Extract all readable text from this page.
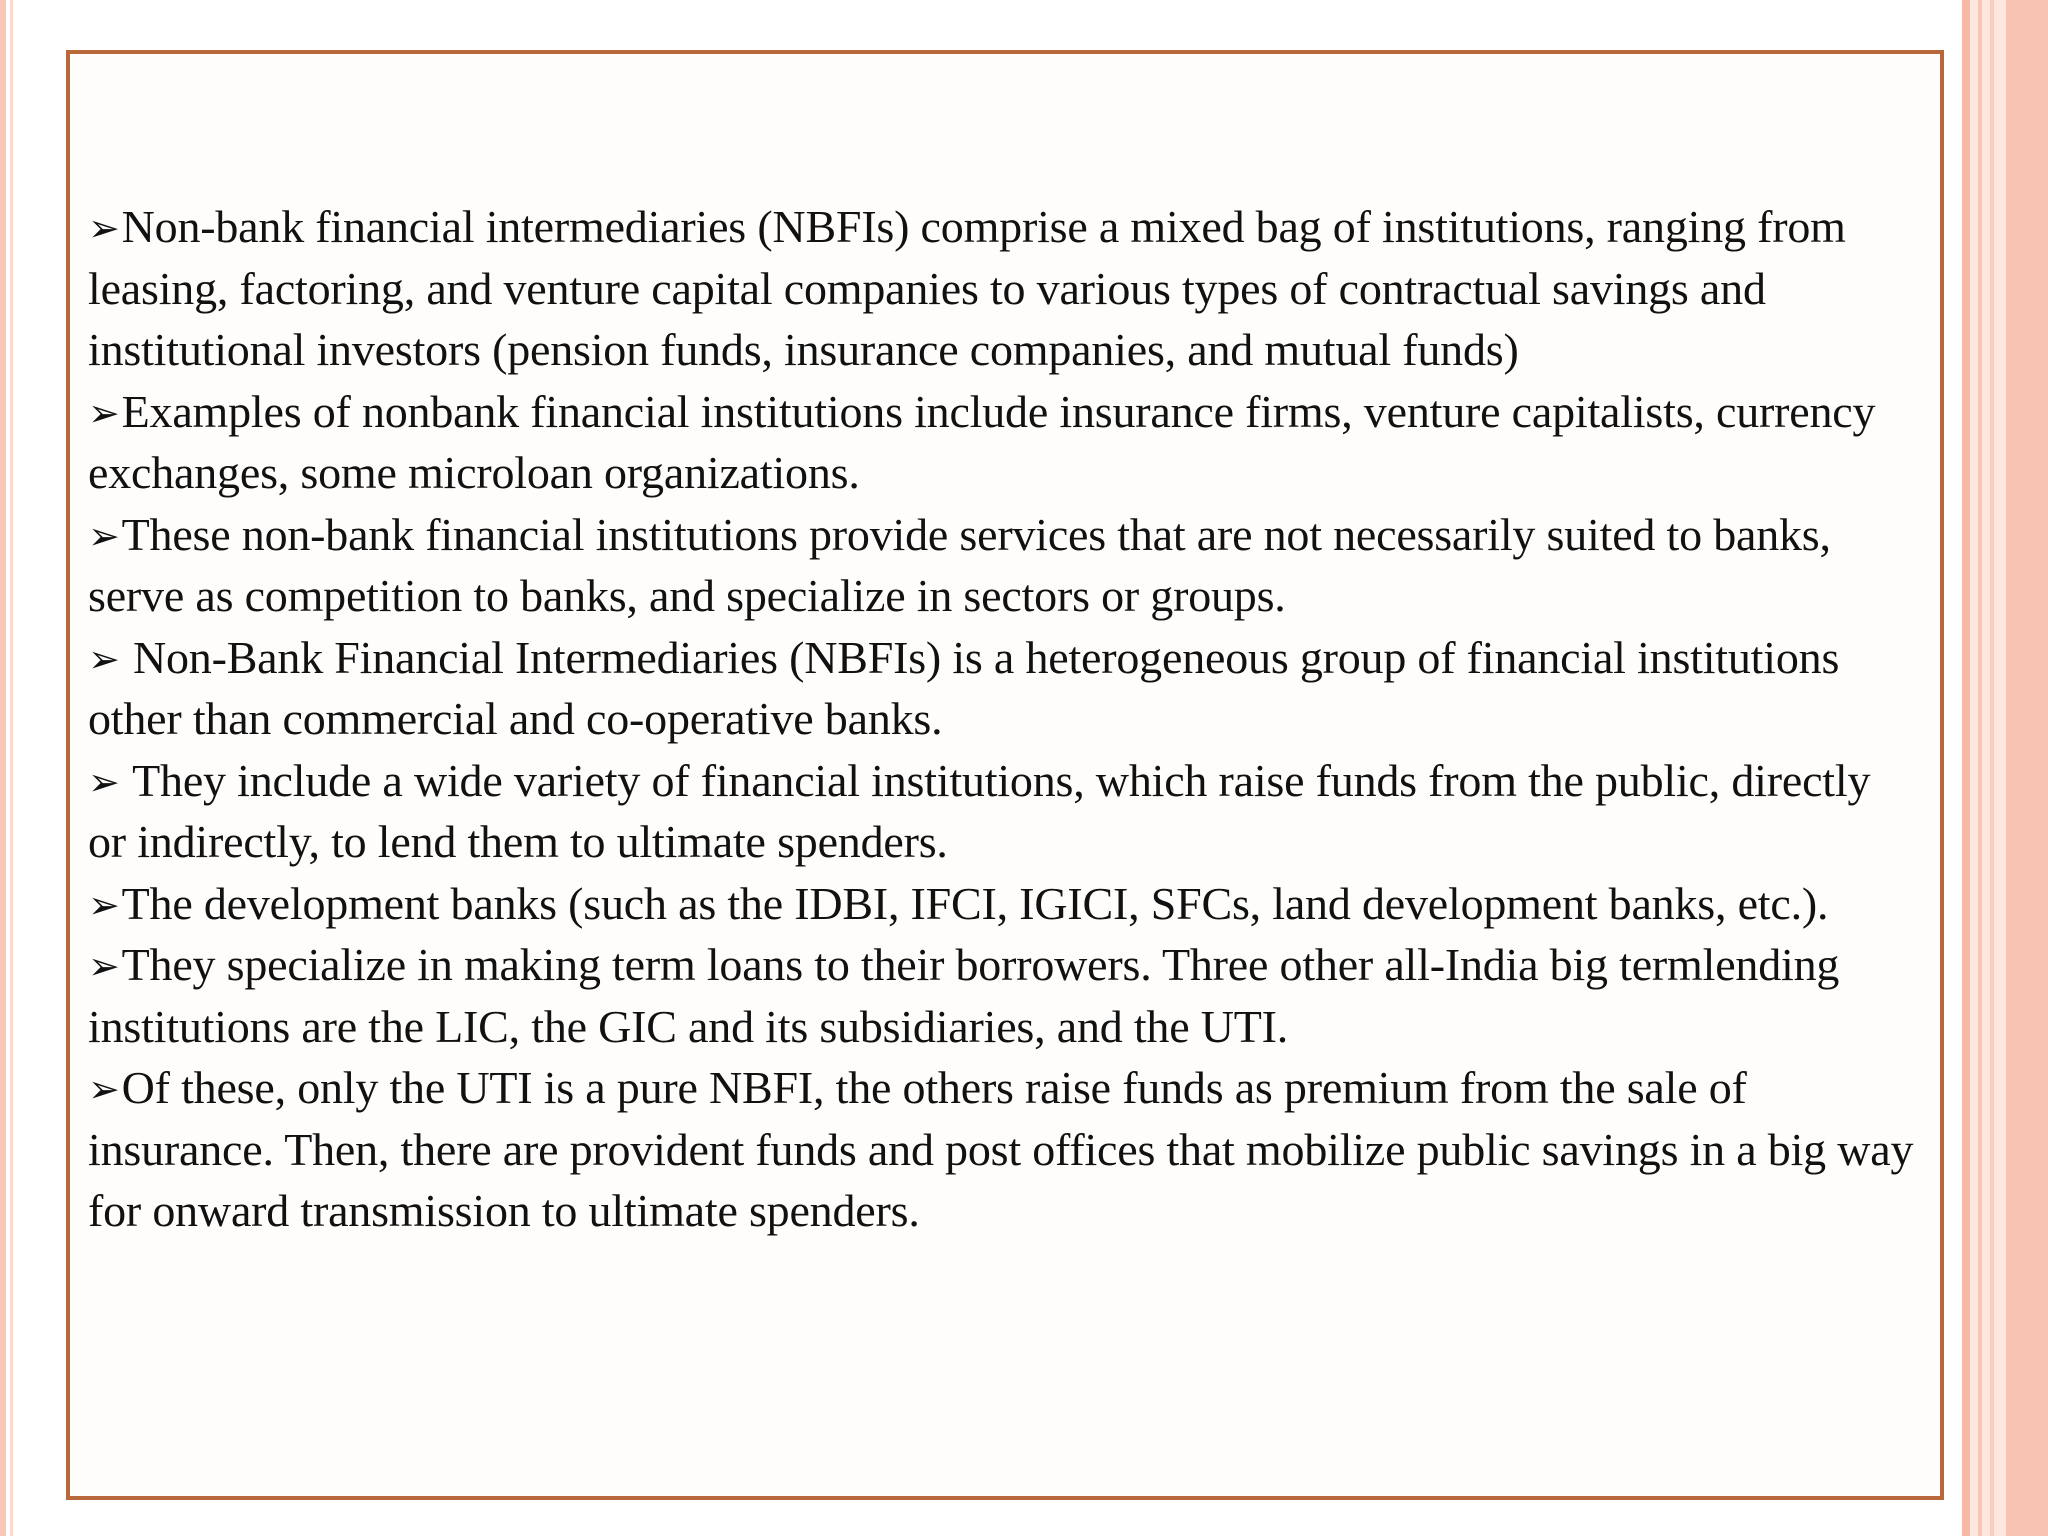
➢Non-bank financial intermediaries (NBFIs) comprise a mixed bag of institutions, ranging from leasing, factoring, and venture capital companies to various types of contractual savings and institutional investors (pension funds, insurance companies, and mutual funds)

➢Examples of nonbank financial institutions include insurance firms, venture capitalists, currency exchanges, some microloan organizations.

➢These non-bank financial institutions provide services that are not necessarily suited to banks, serve as competition to banks, and specialize in sectors or groups.

➢ Non-Bank Financial Intermediaries (NBFIs) is a heterogeneous group of financial institutions other than commercial and co-operative banks.

➢ They include a wide variety of financial institutions, which raise funds from the public, directly or indirectly, to lend them to ultimate spenders.

➢The development banks (such as the IDBI, IFCI, IGICI, SFCs, land development banks, etc.).

➢They specialize in making term loans to their borrowers. Three other all-India big termlending institutions are the LIC, the GIC and its subsidiaries, and the UTI.

➢Of these, only the UTI is a pure NBFI, the others raise funds as premium from the sale of insurance. Then, there are provident funds and post offices that mobilize public savings in a big way for onward transmission to ultimate spenders.
